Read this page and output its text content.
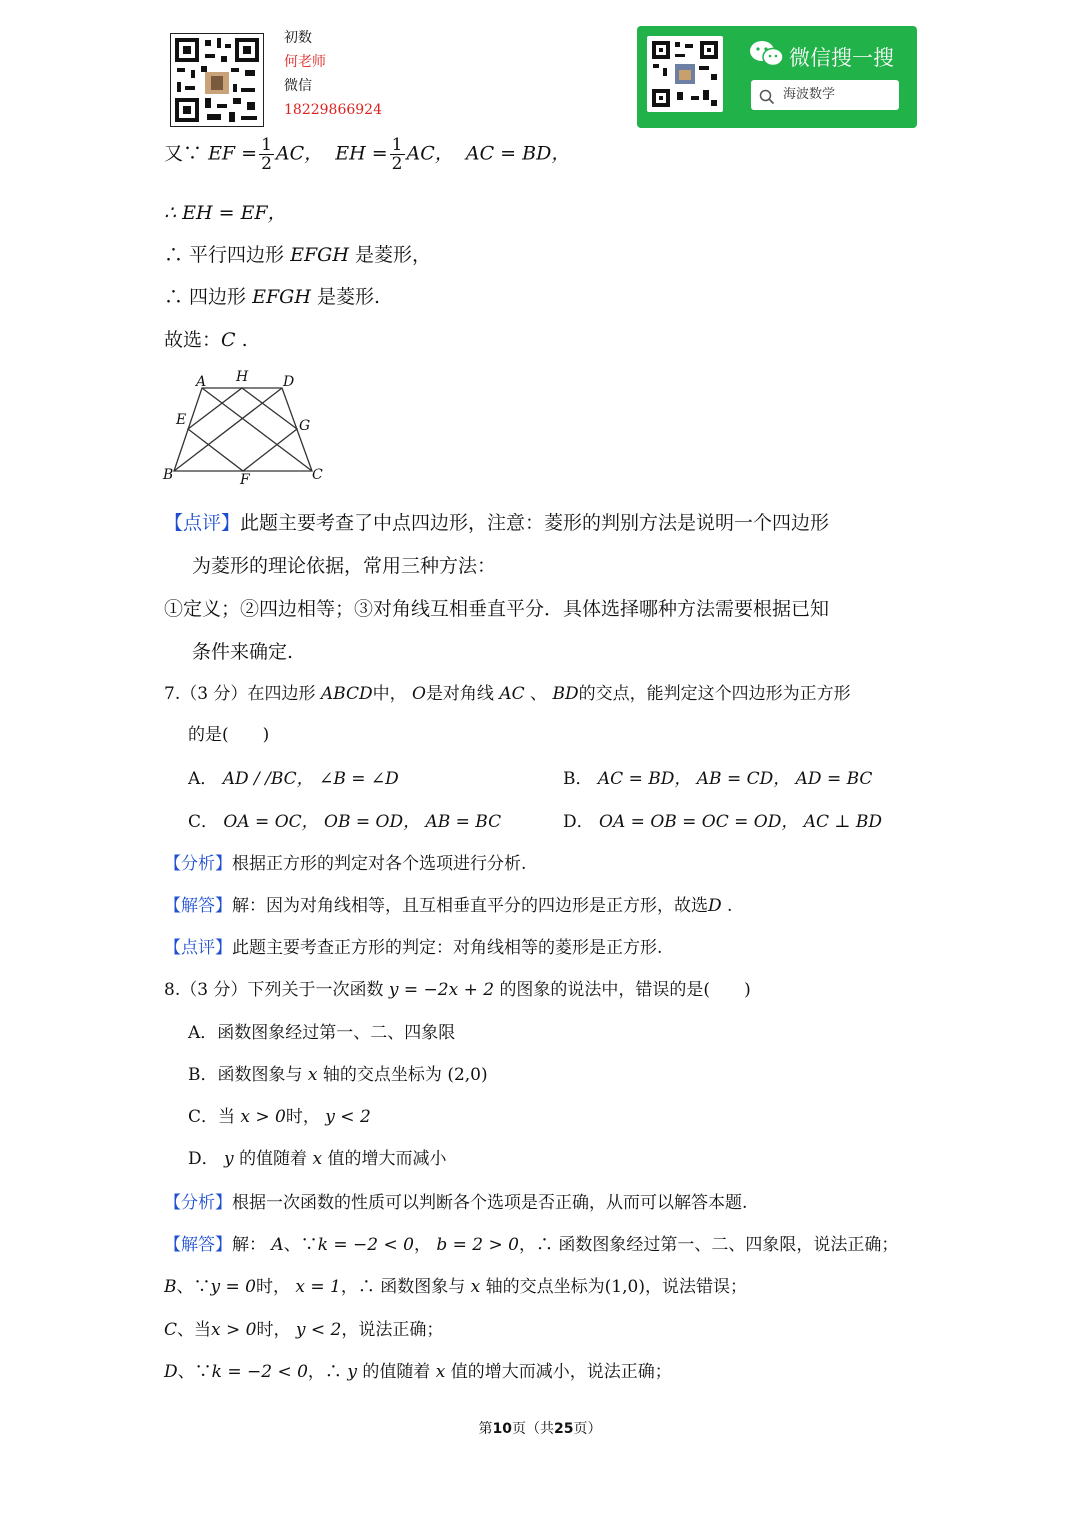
初数
何老师
微信
18229866924
微信搜一搜
海波数学
又∵ EF = $\frac{1}{2}$ AC， EH = $\frac{1}{2}$ AC， AC = BD，
∴ EH = EF，
∴ 平行四边形 EFGH 是菱形，
∴ 四边形 EFGH 是菱形.
故选：C .
A H D
E	G
B	F	C
【点评】此题主要考查了中点四边形，注意：菱形的判别方法是说明一个四边形
为菱形的理论依据，常用三种方法：
①定义；②四边相等；③对角线互相垂直平分．具体选择哪种方法需要根据已知
条件来确定.
7.（3 分）在四边形 ABCD中， O是对角线 AC 、 BD的交点，能判定这个四边形为正方形
的是(　　)
A． AD / /BC， ∠B = ∠D	B． AC = BD， AB = CD， AD = BC
C． OA = OC， OB = OD， AB = BC	D． OA = OB = OC = OD， AC ⊥ BD
【分析】根据正方形的判定对各个选项进行分析.
【解答】解：因为对角线相等，且互相垂直平分的四边形是正方形，故选D .
【点评】此题主要考查正方形的判定：对角线相等的菱形是正方形.
8.（3 分）下列关于一次函数 y = −2x + 2 的图象的说法中，错误的是(　　)
A．函数图象经过第一、二、四象限
B．函数图象与 x 轴的交点坐标为 (2,0)
C．当 x > 0时， y < 2
D． y 的值随着 x 值的增大而减小
【分析】根据一次函数的性质可以判断各个选项是否正确，从而可以解答本题.
【解答】解： A、∵k = −2 < 0， b = 2 > 0，∴ 函数图象经过第一、二、四象限，说法正确；
B、∵y = 0时， x = 1，∴ 函数图象与 x 轴的交点坐标为(1,0)，说法错误；
C、当x > 0时， y < 2，说法正确；
D、∵k = −2 < 0，∴ y 的值随着 x 值的增大而减小，说法正确；
第10页（共25页）
